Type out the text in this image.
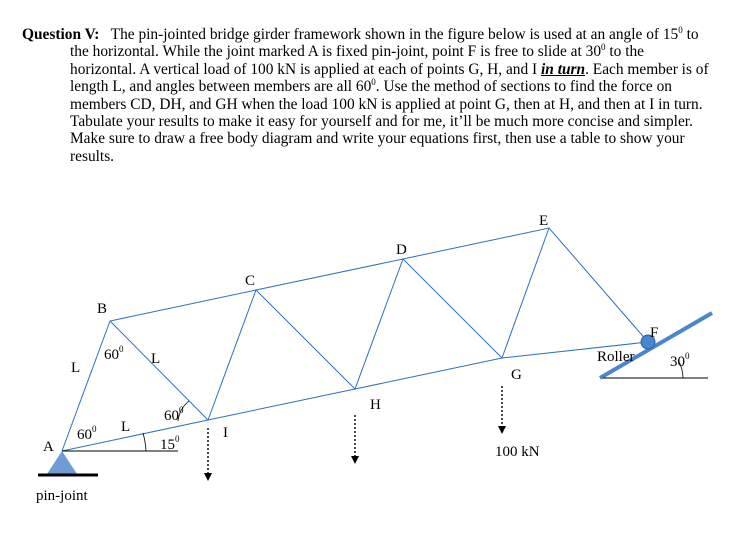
Question V: The pin-jointed bridge girder framework shown in the figure below is used at an angle of $15^0$ to the horizontal. While the joint marked A is fixed pin-joint, point F is free to slide at $30^0$ to the horizontal. A vertical load of 100 kN is applied at each of points G, H, and I in turn. Each member is of length L, and angles between members are all $60^0$. Use the method of sections to find the force on members CD, DH, and GH when the load 100 kN is applied at point G, then at H, and then at I in turn. Tabulate your results to make it easy for yourself and for me, it’ll be much more concise and simpler. Make sure to draw a free body diagram and write your equations first, then use a table to show your results.

A
B
C
D
E
F
G
H
I
L
L
L
$60^0$
$60^0$
$60^0$
$15^0$
$30^0$
pin-joint
Roller
100 kN
